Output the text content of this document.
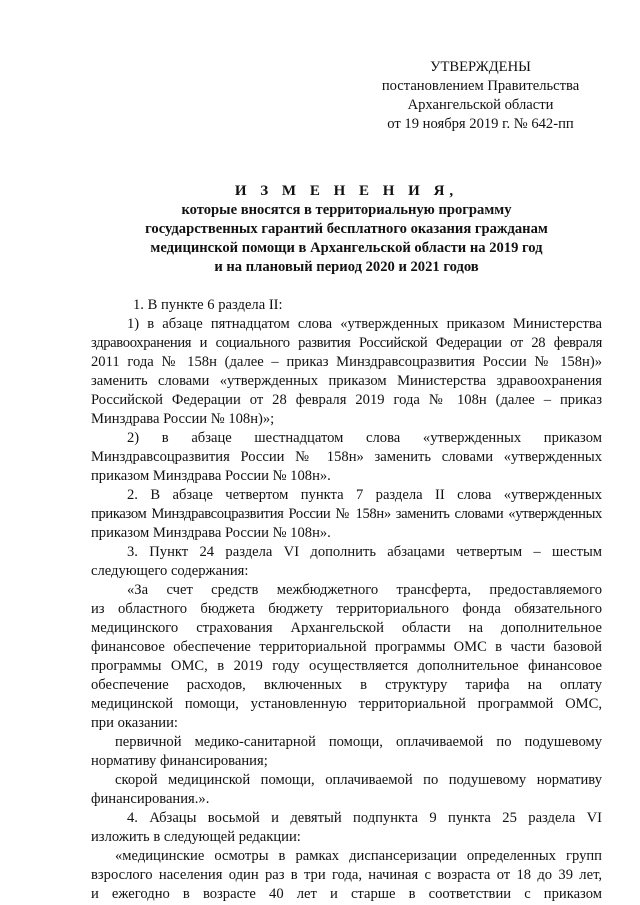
УТВЕРЖДЕНЫ
постановлением Правительства
Архангельской области
от 19 ноября 2019 г. № 642-пп
И З М Е Н Е Н И Я,
которые вносятся в территориальную программу
государственных гарантий бесплатного оказания гражданам
медицинской помощи в Архангельской области на 2019 год
и на плановый период 2020 и 2021 годов
1. В пункте 6 раздела II:
1) в абзаце пятнадцатом слова «утвержденных приказом Министерства
здравоохранения и социального развития Российской Федерации от 28 февраля
2011 года № 158н (далее – приказ Минздравсоцразвития России № 158н)»
заменить словами «утвержденных приказом Министерства здравоохранения
Российской Федерации от 28 февраля 2019 года № 108н (далее – приказ
Минздрава России № 108н)»;
2) в абзаце шестнадцатом слова «утвержденных приказом
Минздравсоцразвития России № 158н» заменить словами «утвержденных
приказом Минздрава России № 108н».
2. В абзаце четвертом пункта 7 раздела II слова «утвержденных
приказом Минздравсоцразвития России № 158н» заменить словами «утвержденных
приказом Минздрава России № 108н».
3. Пункт 24 раздела VI дополнить абзацами четвертым – шестым
следующего содержания:
«За счет средств межбюджетного трансферта, предоставляемого
из областного бюджета бюджету территориального фонда обязательного
медицинского страхования Архангельской области на дополнительное
финансовое обеспечение территориальной программы ОМС в части базовой
программы ОМС, в 2019 году осуществляется дополнительное финансовое
обеспечение расходов, включенных в структуру тарифа на оплату
медицинской помощи, установленную территориальной программой ОМС,
при оказании:
первичной медико-санитарной помощи, оплачиваемой по подушевому
нормативу финансирования;
скорой медицинской помощи, оплачиваемой по подушевому нормативу
финансирования.».
4. Абзацы восьмой и девятый подпункта 9 пункта 25 раздела VI
изложить в следующей редакции:
«медицинские осмотры в рамках диспансеризации определенных групп
взрослого населения один раз в три года, начиная с возраста от 18 до 39 лет,
и ежегодно в возрасте 40 лет и старше в соответствии с приказом
